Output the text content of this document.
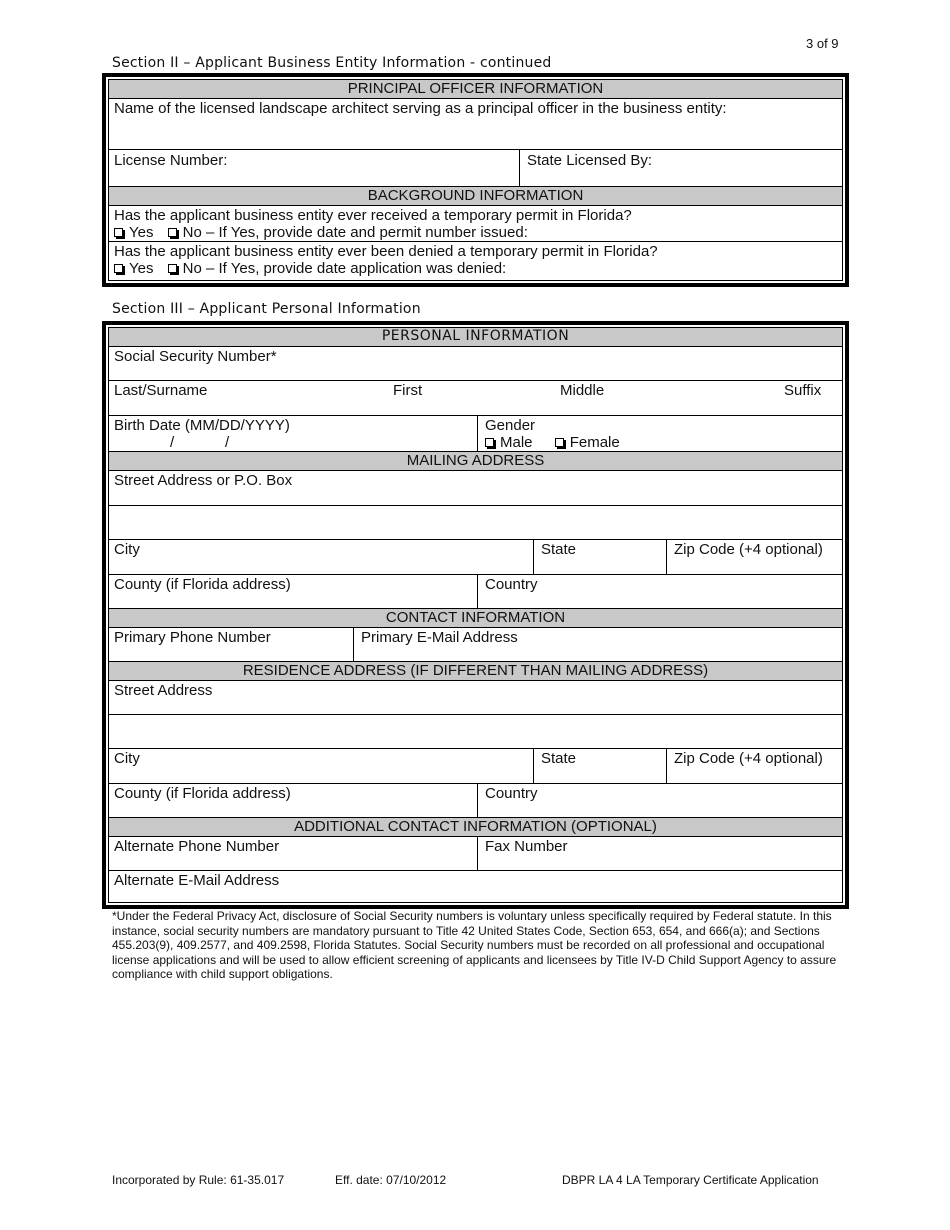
3 of 9
Section II – Applicant Business Entity Information - continued
PRINCIPAL OFFICER INFORMATION
Name of the licensed landscape architect serving as a principal officer in the business entity:
License Number:	State Licensed By:
BACKGROUND INFORMATION
Has the applicant business entity ever received a temporary permit in Florida?
Yes No – If Yes, provide date and permit number issued:
Has the applicant business entity ever been denied a temporary permit in Florida?
Yes No – If Yes, provide date application was denied:
Section III – Applicant Personal Information
PERSONAL INFORMATION
Social Security Number*
Last/Surname	First	Middle	Suffix
Birth Date (MM/DD/YYYY)
/	/
Gender
Male Female
MAILING ADDRESS
Street Address or P.O. Box
City	State	Zip Code (+4 optional)
County (if Florida address)	Country
CONTACT INFORMATION
Primary Phone Number	Primary E-Mail Address
RESIDENCE ADDRESS (IF DIFFERENT THAN MAILING ADDRESS)
Street Address
City	State	Zip Code (+4 optional)
County (if Florida address)	Country
ADDITIONAL CONTACT INFORMATION (OPTIONAL)
Alternate Phone Number	Fax Number
Alternate E-Mail Address
*Under the Federal Privacy Act, disclosure of Social Security numbers is voluntary unless specifically required by Federal statute. In this instance, social security numbers are mandatory pursuant to Title 42 United States Code, Section 653, 654, and 666(a); and Sections 455.203(9), 409.2577, and 409.2598, Florida Statutes. Social Security numbers must be recorded on all professional and occupational license applications and will be used to allow efficient screening of applicants and licensees by Title IV-D Child Support Agency to assure compliance with child support obligations.
Incorporated by Rule: 61-35.017	Eff. date: 07/10/2012	DBPR LA 4 LA Temporary Certificate Application
